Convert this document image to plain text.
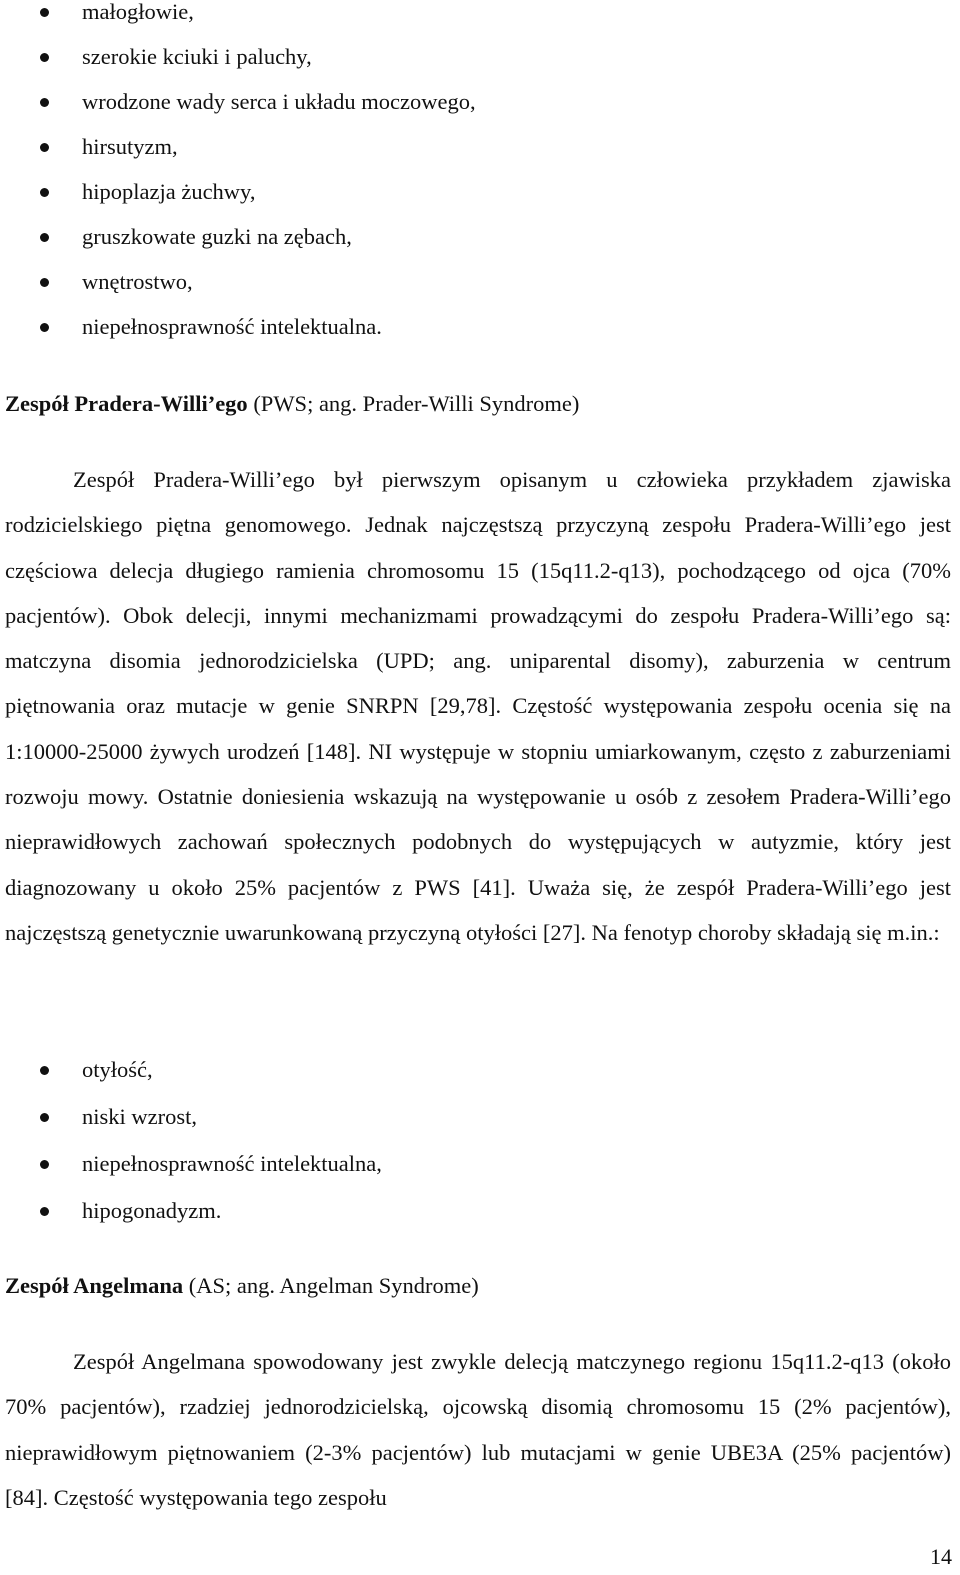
małogłowie,
szerokie kciuki i paluchy,
wrodzone wady serca i układu moczowego,
hirsutyzm,
hipoplazja żuchwy,
gruszkowate guzki na zębach,
wnętrostwo,
niepełnosprawność intelektualna.
Zespół Pradera-Willi’ego (PWS; ang. Prader-Willi Syndrome)
Zespół Pradera-Willi’ego był pierwszym opisanym u człowieka przykładem zjawiska rodzicielskiego piętna genomowego. Jednak najczęstszą przyczyną zespołu Pradera-Willi’ego jest częściowa delecja długiego ramienia chromosomu 15 (15q11.2-q13), pochodzącego od ojca (70% pacjentów). Obok delecji, innymi mechanizmami prowadzącymi do zespołu Pradera-Willi’ego są: matczyna disomia jednorodzicielska (UPD; ang. uniparental disomy), zaburzenia w centrum piętnowania oraz mutacje w genie SNRPN [29,78]. Częstość występowania zespołu ocenia się na 1:10000-25000 żywych urodzeń [148]. NI występuje w stopniu umiarkowanym, często z zaburzeniami rozwoju mowy. Ostatnie doniesienia wskazują na występowanie u osób z zesołem Pradera-Willi’ego nieprawidłowych zachowań społecznych podobnych do występujących w autyzmie, który jest diagnozowany u około 25% pacjentów z PWS [41]. Uważa się, że zespół Pradera-Willi’ego jest najczęstszą genetycznie uwarunkowaną przyczyną otyłości [27]. Na fenotyp choroby składają się m.in.:
otyłość,
niski wzrost,
niepełnosprawność intelektualna,
hipogonadyzm.
Zespół Angelmana (AS; ang. Angelman Syndrome)
Zespół Angelmana spowodowany jest zwykle delecją matczynego regionu 15q11.2-q13 (około 70% pacjentów), rzadziej jednorodzicielską, ojcowską disomią chromosomu 15 (2% pacjentów), nieprawidłowym piętnowaniem (2-3% pacjentów) lub mutacjami w genie UBE3A (25% pacjentów) [84]. Częstość występowania tego zespołu
14
